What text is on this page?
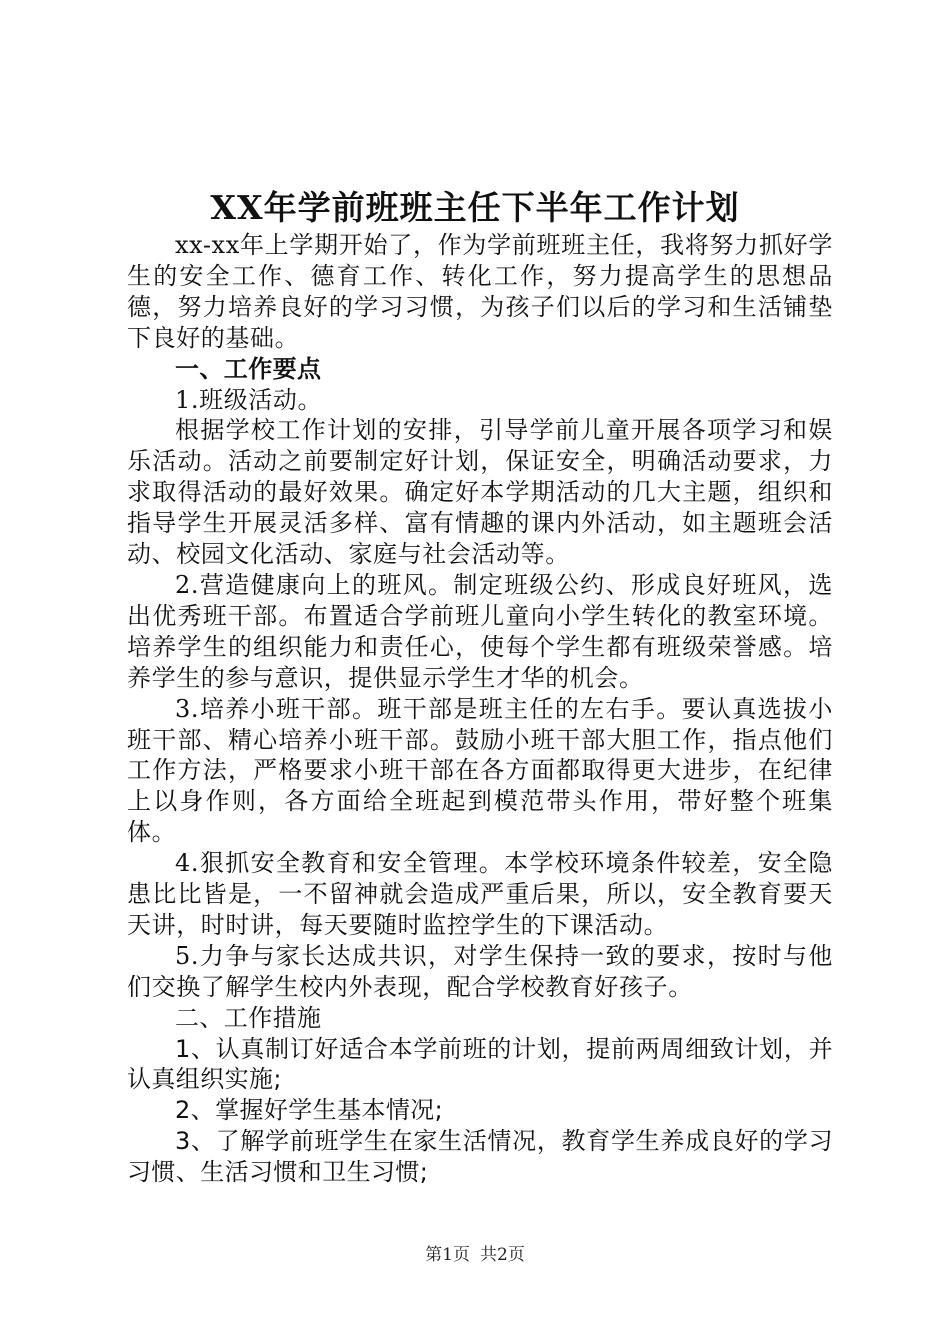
XX年学前班班主任下半年工作计划

xx-xx年上学期开始了，作为学前班班主任，我将努力抓好学生的安全工作、德育工作、转化工作，努力提高学生的思想品德，努力培养良好的学习习惯，为孩子们以后的学习和生活铺垫下良好的基础。

一、工作要点

1.班级活动。

根据学校工作计划的安排，引导学前儿童开展各项学习和娱乐活动。活动之前要制定好计划，保证安全，明确活动要求，力求取得活动的最好效果。确定好本学期活动的几大主题，组织和指导学生开展灵活多样、富有情趣的课内外活动，如主题班会活动、校园文化活动、家庭与社会活动等。

2.营造健康向上的班风。制定班级公约、形成良好班风，选出优秀班干部。布置适合学前班儿童向小学生转化的教室环境。培养学生的组织能力和责任心，使每个学生都有班级荣誉感。培养学生的参与意识，提供显示学生才华的机会。

3.培养小班干部。班干部是班主任的左右手。要认真选拔小班干部、精心培养小班干部。鼓励小班干部大胆工作，指点他们工作方法，严格要求小班干部在各方面都取得更大进步，在纪律上以身作则，各方面给全班起到模范带头作用，带好整个班集体。

4.狠抓安全教育和安全管理。本学校环境条件较差，安全隐患比比皆是，一不留神就会造成严重后果，所以，安全教育要天天讲，时时讲，每天要随时监控学生的下课活动。

5.力争与家长达成共识，对学生保持一致的要求，按时与他们交换了解学生校内外表现，配合学校教育好孩子。

二、工作措施

1、认真制订好适合本学前班的计划，提前两周细致计划，并认真组织实施;

2、掌握好学生基本情况;

3、了解学前班学生在家生活情况，教育学生养成良好的学习习惯、生活习惯和卫生习惯;

第1页 共2页
